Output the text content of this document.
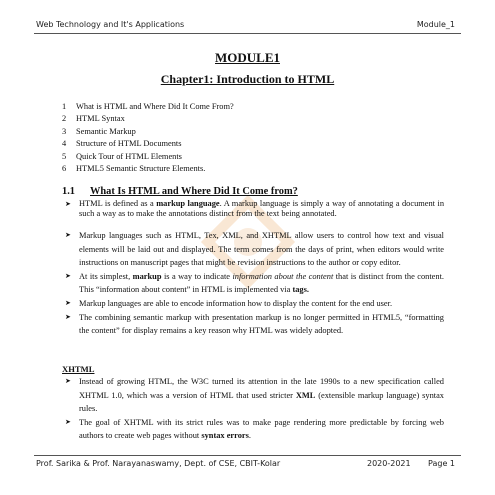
Web Technology and It's Applications	Module_1
MODULE1
Chapter1: Introduction to HTML
1 What is HTML and Where Did It Come From?
2 HTML Syntax
3 Semantic Markup
4 Structure of HTML Documents
5 Quick Tour of HTML Elements
6 HTML5 Semantic Structure Elements.
1.1 What Is HTML and Where Did It Come from?
➤ HTML is defined as a markup language. A markup language is simply a way of annotating a document in such a way as to make the annotations distinct from the text being annotated.
➤ Markup languages such as HTML, Tex, XML, and XHTML allow users to control how text and visual elements will be laid out and displayed. The term comes from the days of print, when editors would write instructions on manuscript pages that might be revision instructions to the author or copy editor.
➤ At its simplest, markup is a way to indicate information about the content that is distinct from the content. This “information about content” in HTML is implemented via tags.
➤ Markup languages are able to encode information how to display the content for the end user.
➤ The combining semantic markup with presentation markup is no longer permitted in HTML5, “formatting the content” for display remains a key reason why HTML was widely adopted.
XHTML
➤ Instead of growing HTML, the W3C turned its attention in the late 1990s to a new specification called XHTML 1.0, which was a version of HTML that used stricter XML (extensible markup language) syntax rules.
➤ The goal of XHTML with its strict rules was to make page rendering more predictable by forcing web authors to create web pages without syntax errors.
Prof. Sarika & Prof. Narayanaswamy, Dept. of CSE, CBIT-Kolar	2020-2021 Page 1
